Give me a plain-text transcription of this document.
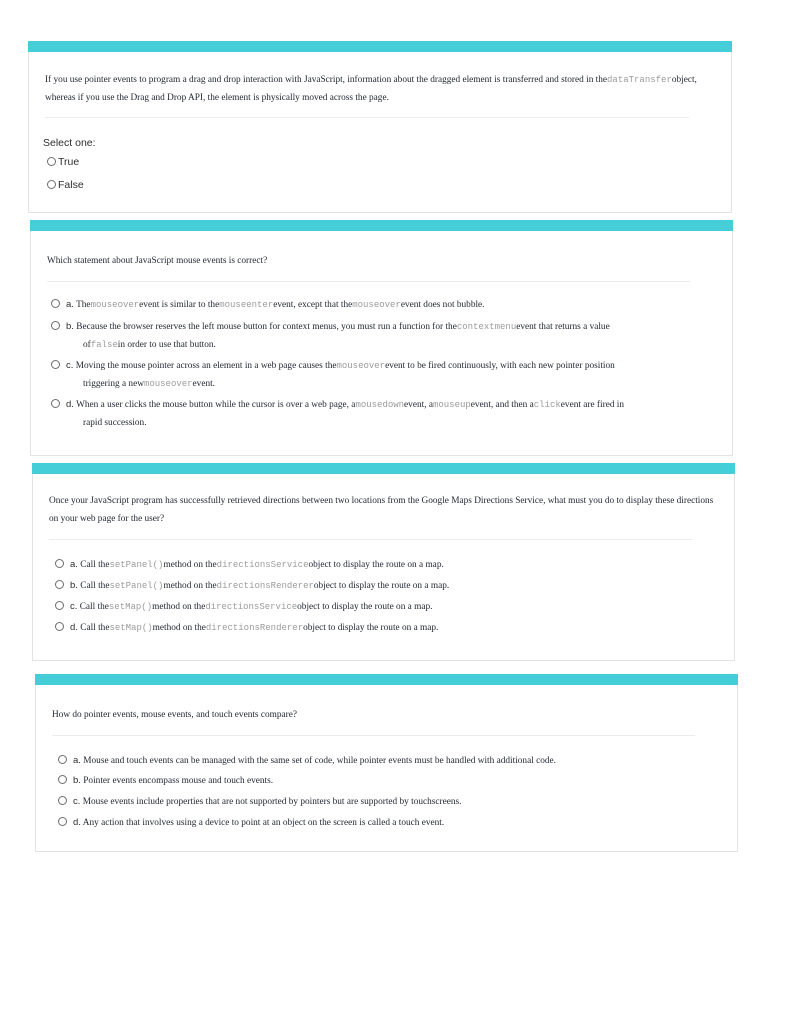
If you use pointer events to program a drag and drop interaction with JavaScript, information about the dragged element is transferred and stored in thedataTransferobject, whereas if you use the Drag and Drop API, the element is physically moved across the page.
Select one:
True
False
Which statement about JavaScript mouse events is correct?
a. Themouseoverevent is similar to themouseenterevent, except that themouseoverevent does not bubble.
b. Because the browser reserves the left mouse button for context menus, you must run a function for thecontextmenuevent that returns a value
offalsein order to use that button.
c. Moving the mouse pointer across an element in a web page causes themouseoverevent to be fired continuously, with each new pointer position
triggering a newmouseoverevent.
d. When a user clicks the mouse button while the cursor is over a web page, amousedownevent, amouseupevent, and then aclickevent are fired in
rapid succession.
Once your JavaScript program has successfully retrieved directions between two locations from the Google Maps Directions Service, what must you do to display these directions on your web page for the user?
a. Call thesetPanel()method on thedirectionsServiceobject to display the route on a map.
b. Call thesetPanel()method on thedirectionsRendererobject to display the route on a map.
c. Call thesetMap()method on thedirectionsServiceobject to display the route on a map.
d. Call thesetMap()method on thedirectionsRendererobject to display the route on a map.
How do pointer events, mouse events, and touch events compare?
a. Mouse and touch events can be managed with the same set of code, while pointer events must be handled with additional code.
b. Pointer events encompass mouse and touch events.
c. Mouse events include properties that are not supported by pointers but are supported by touchscreens.
d. Any action that involves using a device to point at an object on the screen is called a touch event.
